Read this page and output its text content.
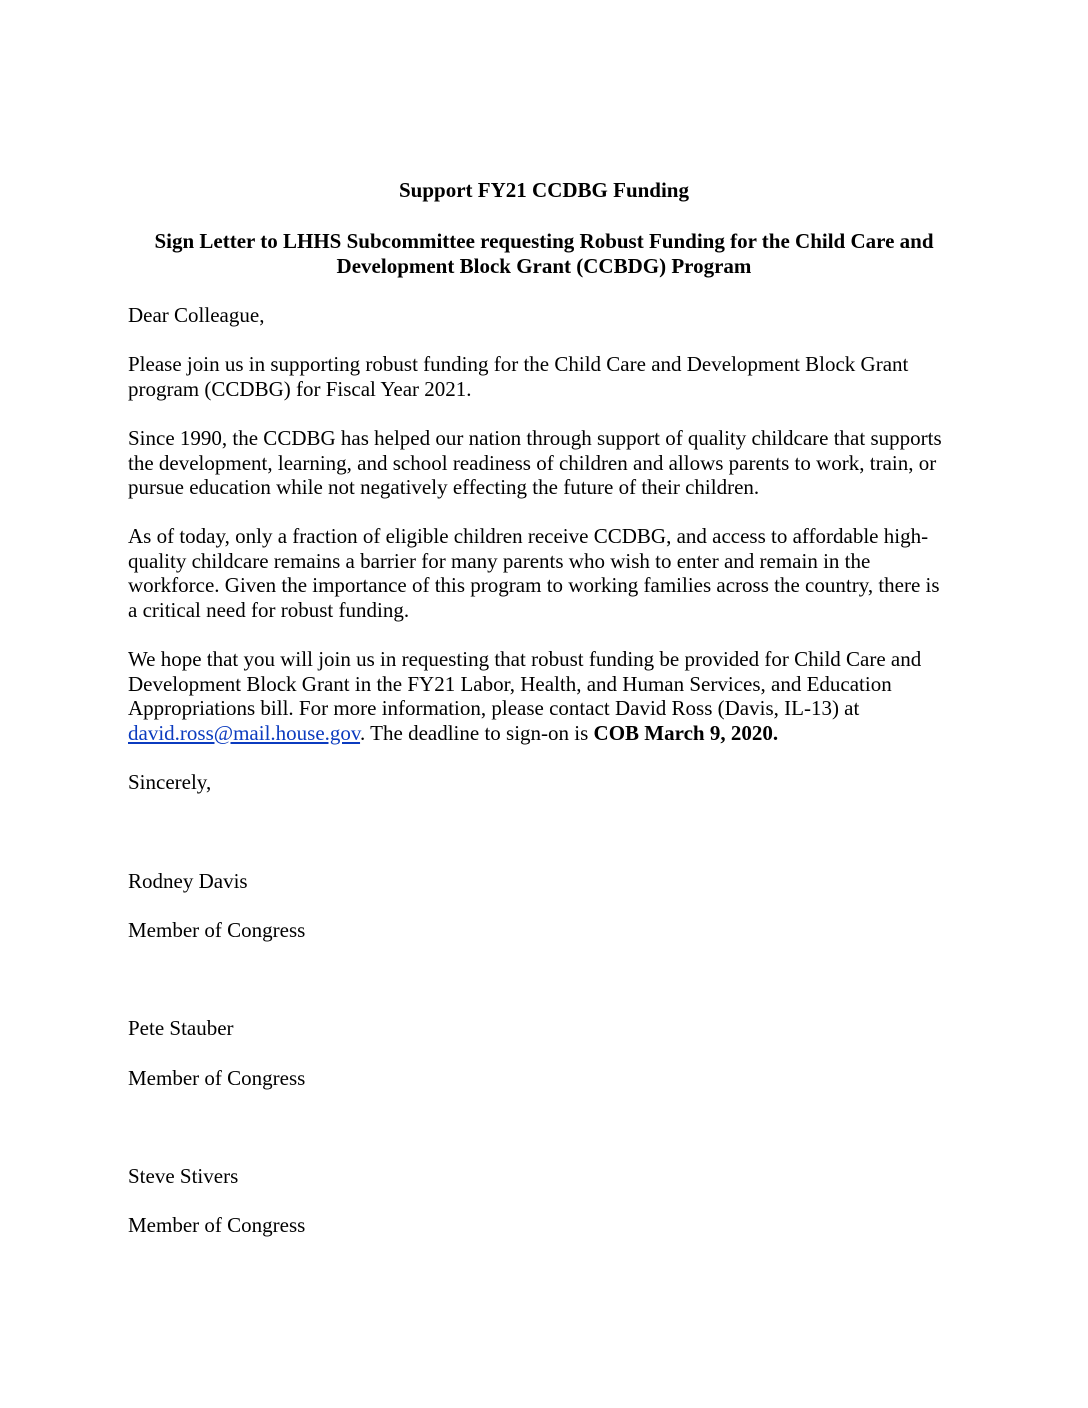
Support FY21 CCDBG Funding

Sign Letter to LHHS Subcommittee requesting Robust Funding for the Child Care and
Development Block Grant (CCBDG) Program

Dear Colleague,

Please join us in supporting robust funding for the Child Care and Development Block Grant
program (CCDBG) for Fiscal Year 2021.

Since 1990, the CCDBG has helped our nation through support of quality childcare that supports
the development, learning, and school readiness of children and allows parents to work, train, or
pursue education while not negatively effecting the future of their children.

As of today, only a fraction of eligible children receive CCDBG, and access to affordable high-
quality childcare remains a barrier for many parents who wish to enter and remain in the
workforce. Given the importance of this program to working families across the country, there is
a critical need for robust funding.

We hope that you will join us in requesting that robust funding be provided for Child Care and
Development Block Grant in the FY21 Labor, Health, and Human Services, and Education
Appropriations bill. For more information, please contact David Ross (Davis, IL-13) at
david.ross@mail.house.gov. The deadline to sign-on is COB March 9, 2020.

Sincerely,

Rodney Davis

Member of Congress

Pete Stauber

Member of Congress

Steve Stivers

Member of Congress
